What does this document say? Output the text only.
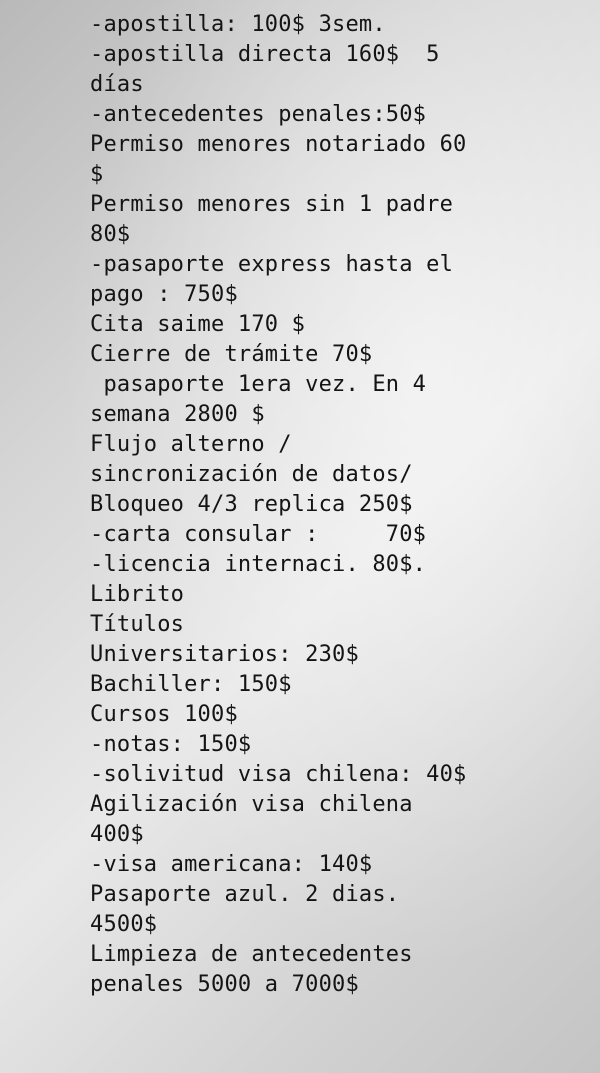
-apostilla: 100$ 3sem.
-apostilla directa 160$  5
días
-antecedentes penales:50$
Permiso menores notariado 60
$
Permiso menores sin 1 padre
80$
-pasaporte express hasta el
pago : 750$
Cita saime 170 $
Cierre de trámite 70$
pasaporte 1era vez. En 4
semana 2800 $
Flujo alterno /
sincronización de datos/
Bloqueo 4/3 replica 250$
-carta consular :     70$
-licencia internaci. 80$.
Librito
Títulos
Universitarios: 230$
Bachiller: 150$
Cursos 100$
-notas: 150$
-solivitud visa chilena: 40$
Agilización visa chilena
400$
-visa americana: 140$
Pasaporte azul. 2 dias.
4500$
Limpieza de antecedentes
penales 5000 a 7000$
